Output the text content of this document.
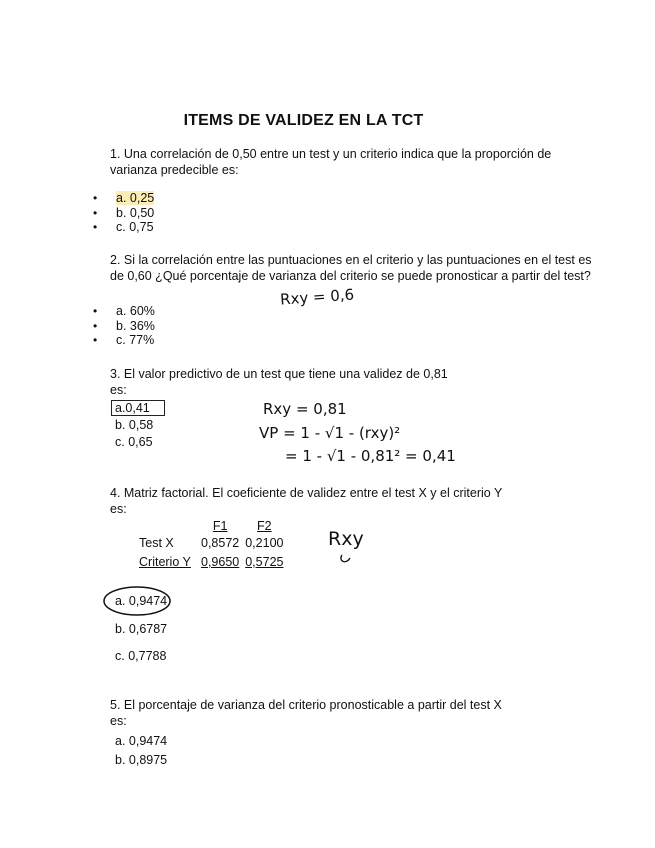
ITEMS DE VALIDEZ EN LA TCT
1. Una correlación de 0,50 entre un test y un criterio indica que la proporción de
varianza predecible es:
• a. 0,25
• b. 0,50
• c. 0,75
2. Si la correlación entre las puntuaciones en el criterio y las puntuaciones en el test es
de 0,60 ¿Qué porcentaje de varianza del criterio se puede pronosticar a partir del test?
Rxy = 0,6
• a. 60%
• b. 36%
• c. 77%
3. El valor predictivo de un test que tiene una validez de 0,81
es:
a.0,41
b. 0,58
c. 0,65
Rxy = 0,81
VP = 1 - √1 - (rxy)²
= 1 - √1 - 0,81² = 0,41
4. Matriz factorial. El coeficiente de validez entre el test X y el criterio Y
es:
	F1	F2
Test X	0,8572	0,2100
Criterio Y	0,9650	0,5725
Rxy
a. 0,9474
b. 0,6787
c. 0,7788
5. El porcentaje de varianza del criterio pronosticable a partir del test X
es:
a. 0,9474
b. 0,8975
